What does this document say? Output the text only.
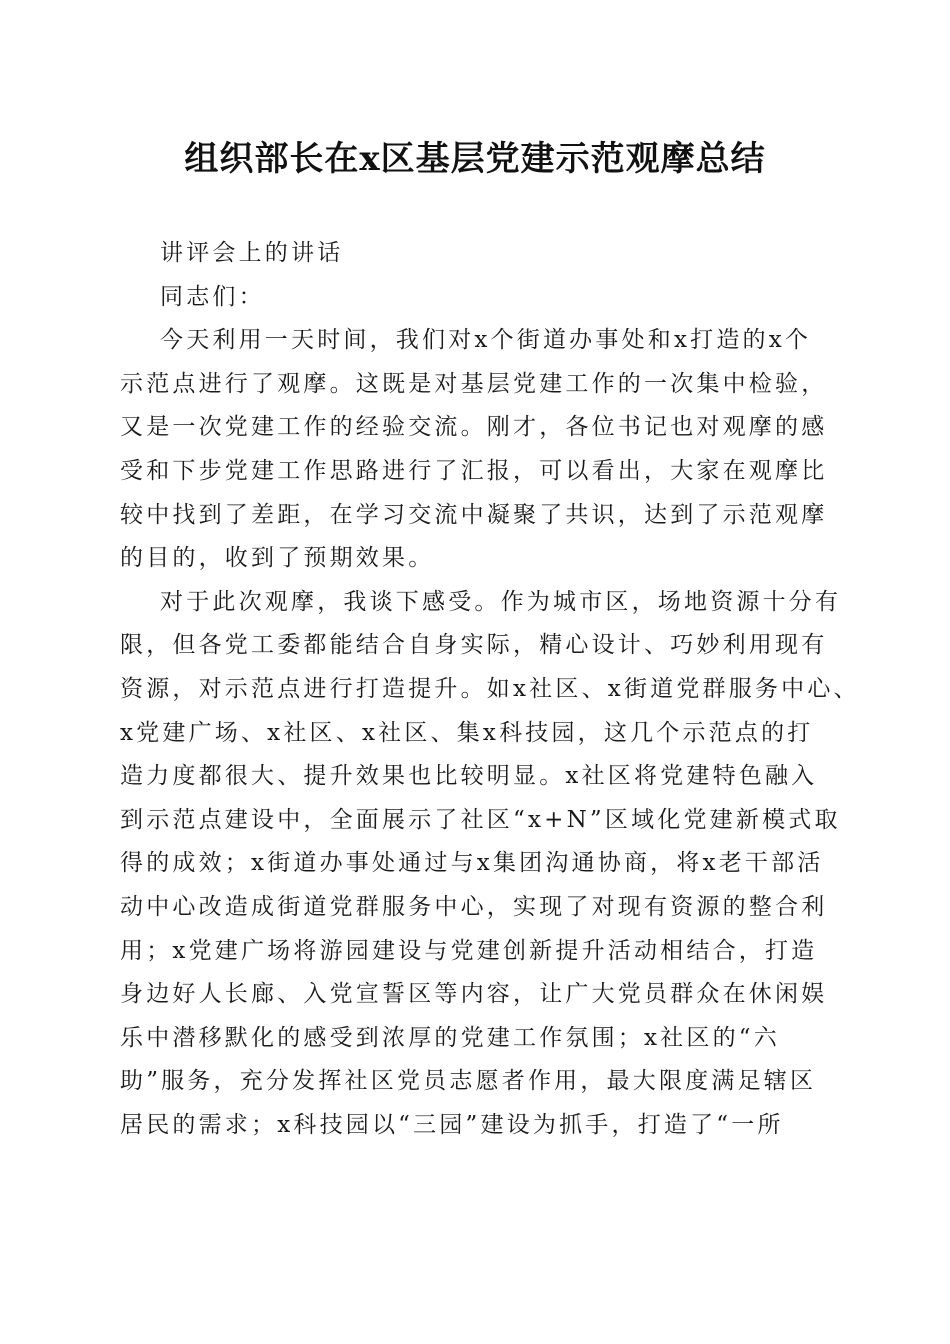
组织部长在x区基层党建示范观摩总结
讲评会上的讲话
同志们：
今天利用一天时间，我们对x个街道办事处和x打造的x个
示范点进行了观摩。这既是对基层党建工作的一次集中检验，
又是一次党建工作的经验交流。刚才，各位书记也对观摩的感
受和下步党建工作思路进行了汇报，可以看出，大家在观摩比
较中找到了差距，在学习交流中凝聚了共识，达到了示范观摩
的目的，收到了预期效果。
对于此次观摩，我谈下感受。作为城市区，场地资源十分有
限，但各党工委都能结合自身实际，精心设计、巧妙利用现有
资源，对示范点进行打造提升。如x社区、x街道党群服务中心、
x党建广场、x社区、x社区、集x科技园，这几个示范点的打
造力度都很大、提升效果也比较明显。x社区将党建特色融入
到示范点建设中，全面展示了社区“x+N”区域化党建新模式取
得的成效；x街道办事处通过与x集团沟通协商，将x老干部活
动中心改造成街道党群服务中心，实现了对现有资源的整合利
用；x党建广场将游园建设与党建创新提升活动相结合，打造
身边好人长廊、入党宣誓区等内容，让广大党员群众在休闲娱
乐中潜移默化的感受到浓厚的党建工作氛围；x社区的“六
助”服务，充分发挥社区党员志愿者作用，最大限度满足辖区
居民的需求；x科技园以“三园”建设为抓手，打造了“一所
